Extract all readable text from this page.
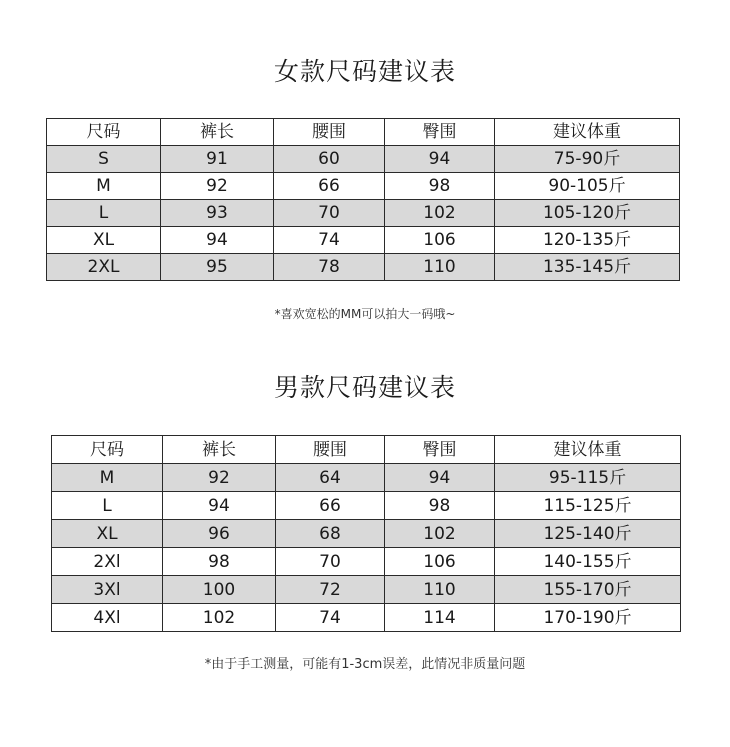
女款尺码建议表
尺码	裤长	腰围	臀围	建议体重
S	91	60	94	75-90斤
M	92	66	98	90-105斤
L	93	70	102	105-120斤
XL	94	74	106	120-135斤
2XL	95	78	110	135-145斤
*喜欢宽松的MM可以拍大一码哦~
男款尺码建议表
尺码	裤长	腰围	臀围	建议体重
M	92	64	94	95-115斤
L	94	66	98	115-125斤
XL	96	68	102	125-140斤
2Xl	98	70	106	140-155斤
3Xl	100	72	110	155-170斤
4Xl	102	74	114	170-190斤
*由于手工测量，可能有1-3cm误差，此情况非质量问题
